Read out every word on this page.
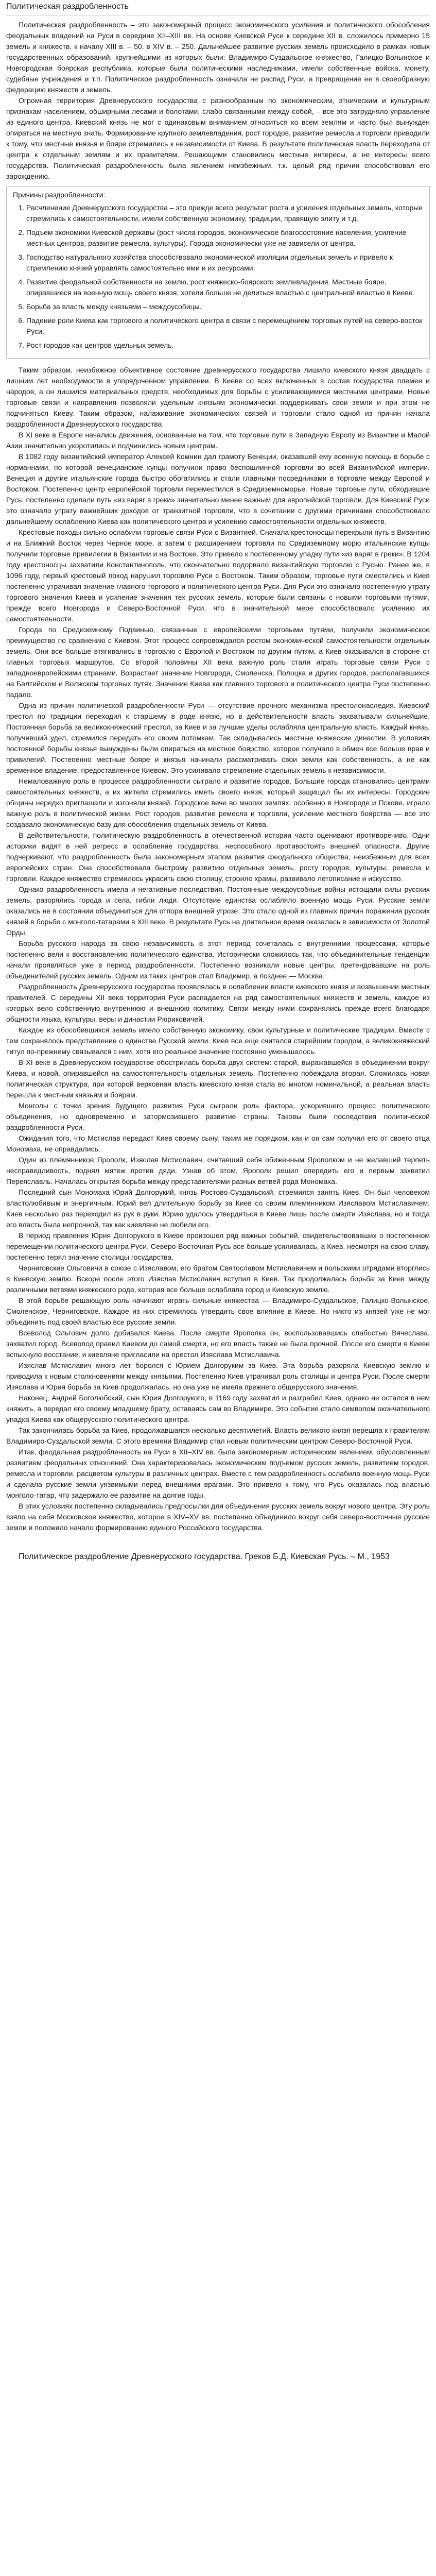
Политическая раздробленность

Политическая раздробленность – это закономерный процесс экономического усиления и политического обособления феодальных владений на Руси в середине XII–XIII вв. На основе Киевской Руси к середине XII в. сложилось примерно 15 земель и княжеств, к началу XIII в. – 50, в XIV в. – 250. Дальнейшее развитие русских земель происходило в рамках новых государственных образований, крупнейшими из которых были: Владимиро-Суздальское княжество, Галицко-Волынское и Новгородская боярская республика, которые были политическими наследниками, имели собственные войска, монету, судебные учреждения и т.п. Политическое раздробленность означала не распад Руси, а превращение ее в своеобразную федерацию княжеств и земель.

Огромная территория Древнерусского государства с разнообразным по экономическим, этническим и культурным признакам населением, обширными лесами и болотами, слабо связанными между собой, – все это затрудняло управление из единого центра. Киевский князь не мог с одинаковым вниманием относиться ко всем землям и часто был вынужден опираться на местную знать. Формирование крупного землевладения, рост городов, развитие ремесла и торговли приводили к тому, что местные князья и бояре стремились к независимости от Киева. В результате политическая власть переходила от центра к отдельным землям и их правителям. Решающими становились местные интересы, а не интересы всего государства. Политическая раздробленность была явлением неизбежным, т.к. целый ряд причин способствовал его зарождению.

Причины раздробленности:

1. Расчленение Древнерусского государства – это прежде всего результат роста и усиления отдельных земель, которые стремились к самостоятельности, имели собственную экономику, традиции, правящую элиту и т.д.
2. Подъем экономики Киевской державы (рост числа городов, экономическое благосостояние населения, усиление местных центров, развитие ремесла, культуры). Города экономически уже не зависели от центра.
3. Господство натурального хозяйства способствовало экономической изоляции отдельных земель и привело к стремлению князей управлять самостоятельно ими и их ресурсами.
4. Развитие феодальной собственности на землю, рост княжеско-боярского землевладения. Местные бояре, опиравшиеся на военную мощь своего князя, хотели больше не делиться властью с центральной властью в Киеве.
5. Борьба за власть между князьями – междоусобицы.
6. Падение роли Киева как торгового и политического центра в связи с перемещением торговых путей на северо-восток Руси.
7. Рост городов как центров удельных земель.

Таким образом, неизбежное объективное состояние древнерусского государства лишило киевского князя двадцать с лишним лет необходимости в упорядоченном управлении. В Киеве со всех включенных в состав государства племен и народов, а он лишился материальных средств, необходимых для борьбы с усиливающимися местными центрами. Новые торговые связи и направления позволяли удельным князьям экономически поддерживать свои земли и при этом не подчиняться Киеву. Таким образом, налаживание экономических связей и торговли стало одной из причин начала раздробленности Древнерусского государства.

В XI веке в Европе начались движения, основанные на том, что торговые пути в Западную Европу из Византии и Малой Азии значительно укоротились и подчинились новым центрам.

В 1082 году византийский император Алексей Комнин дал грамоту Венеции, оказавшей ему военную помощь в борьбе с норманнами, по которой венецианские купцы получили право беспошлинной торговли во всей Византийской империи. Венеция и другие итальянские города быстро обогатились и стали главными посредниками в торговле между Европой и Востоком. Постепенно центр европейской торговли переместился в Средиземноморье. Новые торговые пути, обходившие Русь, постепенно сделали путь «из варяг в греки» значительно менее важным для европейской торговли. Для Киевской Руси это означало утрату важнейших доходов от транзитной торговли, что в сочетании с другими причинами способствовало дальнейшему ослаблению Киева как политического центра и усилению самостоятельности отдельных княжеств.

Крестовые походы сильно ослабили торговые связи Руси с Византией. Сначала крестоносцы перекрыли путь в Византию и на Ближний Восток через Черное море, а затем с расширением торговли по Средиземному морю итальянские купцы получили торговые привилегии в Византии и на Востоке. Это привело к постепенному упадку пути «из варяг в греки». В 1204 году крестоносцы захватили Константинополь, что окончательно подорвало византийскую торговлю с Русью. Ранее же, в 1096 году, первый крестовый поход нарушил торговлю Руси с Востоком. Таким образом, торговые пути сместились и Киев постепенно утрачивал значение главного торгового и политического центра Руси. Для Руси это означало постепенную утрату торгового значения Киева и усиление значения тех русских земель, которые были связаны с новыми торговыми путями, прежде всего Новгорода и Северо-Восточной Руси, что в значительной мере способствовало усилению их самостоятельности.

Города по Средиземному Подвинью, связанные с европейскими торговыми путями, получили экономическое преимущество по сравнению с Киевом. Этот процесс сопровождался ростом экономической самостоятельности отдельных земель. Они все больше втягивались в торговлю с Европой и Востоком по другим путям, а Киев оказывался в стороне от главных торговых маршрутов. Со второй половины XII века важную роль стали играть торговые связи Руси с западноевропейскими странами. Возрастает значение Новгорода, Смоленска, Полоцка и других городов, располагавшихся на Балтийском и Волжском торговых путях. Значение Киева как главного торгового и политического центра Руси постепенно падало.

Одна из причин политической раздробленности Руси — отсутствие прочного механизма престолонаследия. Киевский престол по традиции переходил к старшему в роде князю, но в действительности власть захватывали сильнейшие. Постоянная борьба за великокняжеский престол, за Киев и за лучшие уделы ослабляла центральную власть. Каждый князь, получивший удел, стремился передать его своим потомкам. Так складывались местные княжеские династии. В условиях постоянной борьбы князья вынуждены были опираться на местное боярство, которое получало в обмен все больше прав и привилегий. Постепенно местные бояре и князья начинали рассматривать свои земли как собственность, а не как временное владение, предоставленное Киевом. Это усиливало стремление отдельных земель к независимости.

Немаловажную роль в процессе раздробленности сыграло и развитие городов. Большие города становились центрами самостоятельных княжеств, а их жители стремились иметь своего князя, который защищал бы их интересы. Городские общины нередко приглашали и изгоняли князей. Городское вече во многих землях, особенно в Новгороде и Пскове, играло важную роль в политической жизни. Рост городов, развитие ремесла и торговли, усиление местного боярства — все это создавало экономическую базу для обособления отдельных земель от Киева.

В действительности, политическую раздробленность в отечественной истории часто оценивают противоречиво. Одни историки видят в ней регресс и ослабление государства, неспособного противостоять внешней опасности. Другие подчеркивают, что раздробленность была закономерным этапом развития феодального общества, неизбежным для всех европейских стран. Она способствовала быстрому развитию отдельных земель, росту городов, культуры, ремесла и торговли. Каждое княжество стремилось украсить свою столицу, строило храмы, развивало летописание и искусство.

Однако раздробленность имела и негативные последствия. Постоянные междоусобные войны истощали силы русских земель, разорялись города и села, гибли люди. Отсутствие единства ослабляло военную мощь Руси. Русские земли оказались не в состоянии объединиться для отпора внешней угрозе. Это стало одной из главных причин поражения русских князей в борьбе с монголо-татарами в XIII веке. В результате Русь на длительное время оказалась в зависимости от Золотой Орды.

Борьба русского народа за свою независимость в этот период сочеталась с внутренними процессами, которые постепенно вели к восстановлению политического единства. Исторически сложилось так, что объединительные тенденции начали проявляться уже в период раздробленности. Постепенно возникали новые центры, претендовавшие на роль объединителей русских земель. Одним из таких центров стал Владимир, а позднее — Москва.

Раздробленность Древнерусского государства проявлялась в ослаблении власти киевского князя и возвышении местных правителей. С середины XII века территория Руси распадается на ряд самостоятельных княжеств и земель, каждое из которых вело собственную внутреннюю и внешнюю политику. Связи между ними сохранялись прежде всего благодаря общности языка, культуры, веры и династии Рюриковичей.

Каждое из обособившихся земель имело собственную экономику, свои культурные и политические традиции. Вместе с тем сохранялось представление о единстве Русской земли. Киев все еще считался старейшим городом, а великокняжеский титул по-прежнему связывался с ним, хотя его реальное значение постоянно уменьшалось.

В XI веке в Древнерусском государстве обострилась борьба двух систем: старой, выражавшейся в объединении вокруг Киева, и новой, опиравшейся на самостоятельность отдельных земель. Постепенно побеждала вторая. Сложилась новая политическая структура, при которой верховная власть киевского князя стала во многом номинальной, а реальная власть перешла к местным князьям и боярам.

Монголы с точки зрения будущего развития Руси сыграли роль фактора, ускорившего процесс политического объединения, но одновременно и затормозившего развитие страны. Таковы были последствия политической раздробленности Руси.

Ожидания того, что Мстислав передаст Киев своему сыну, таким же порядком, как и он сам получил его от своего отца Мономаха, не оправдались.

Один из племянников Ярополк, Изяслав Мстиславич, считавший себя обиженным Ярополком и не желавший терпеть несправедливость, поднял мятеж против дяди. Узнав об этом, Ярополк решил опередить его и первым захватил Переяславль. Началась открытая борьба между представителями разных ветвей рода Мономаха.

Последний сын Мономаха Юрий Долгорукий, князь Ростово-Суздальский, стремился занять Киев. Он был человеком властолюбивым и энергичным. Юрий вел длительную борьбу за Киев со своим племянником Изяславом Мстиславичем. Киев несколько раз переходил из рук в руки. Юрию удалось утвердиться в Киеве лишь после смерти Изяслава, но и тогда его власть была непрочной, так как киевляне не любили его.

В период правления Юрия Долгорукого в Киеве произошел ряд важных событий, свидетельствовавших о постепенном перемещении политического центра Руси. Северо-Восточная Русь все больше усиливалась, а Киев, несмотря на свою славу, постепенно терял значение столицы государства.

Черниговские Ольговичи в союзе с Изяславом, его братом Святославом Мстиславичем и польскими отрядами вторглись в Киевскую землю. Вскоре после этого Изяслав Мстиславич вступил в Киев. Так продолжалась борьба за Киев между различными ветвями княжеского рода, которая все больше ослабляла город и Киевскую землю.

В этой борьбе решающую роль начинают играть сильные княжества — Владимиро-Суздальское, Галицко-Волынское, Смоленское, Черниговское. Каждое из них стремилось утвердить свое влияние в Киеве. Но никто из князей уже не мог объединить под своей властью все русские земли.

Всеволод Ольгович долго добивался Киева. После смерти Ярополка он, воспользовавшись слабостью Вячеслава, захватил город. Всеволод правил Киевом до самой смерти, но его власть также не была прочной. После его смерти в Киеве вспыхнуло восстание, и киевляне пригласили на престол Изяслава Мстиславича.

Изяслав Мстиславич много лет боролся с Юрием Долгоруким за Киев. Эта борьба разоряла Киевскую землю и приводила к новым столкновениям между князьями. Постепенно Киев утрачивал роль столицы и центра Руси. После смерти Изяслава и Юрия борьба за Киев продолжалась, но она уже не имела прежнего общерусского значения.

Наконец, Андрей Боголюбский, сын Юрия Долгорукого, в 1169 году захватил и разграбил Киев, однако не остался в нем княжить, а передал его своему младшему брату, оставаясь сам во Владимире. Это событие стало символом окончательного упадка Киева как общерусского политического центра.

Так закончилась борьба за Киев, продолжавшаяся несколько десятилетий. Власть великого князя перешла к правителям Владимиро-Суздальской земли. С этого времени Владимир стал новым политическим центром Северо-Восточной Руси.

Итак, феодальная раздробленность на Руси в XII–XIV вв. была закономерным историческим явлением, обусловленным развитием феодальных отношений. Она характеризовалась экономическим подъемом русских земель, развитием городов, ремесла и торговли, расцветом культуры в различных центрах. Вместе с тем раздробленность ослабила военную мощь Руси и сделала русские земли уязвимыми перед внешними врагами. Это привело к тому, что Русь оказалась под властью монголо-татар, что задержало ее развитие на долгие годы.

В этих условиях постепенно складывались предпосылки для объединения русских земель вокруг нового центра. Эту роль взяло на себя Московское княжество, которое в XIV–XV вв. постепенно объединило вокруг себя северо-восточные русские земли и положило начало формированию единого Российского государства.

Политическое раздробление Древнерусского государства. Греков Б.Д. Киевская Русь. – М., 1953
